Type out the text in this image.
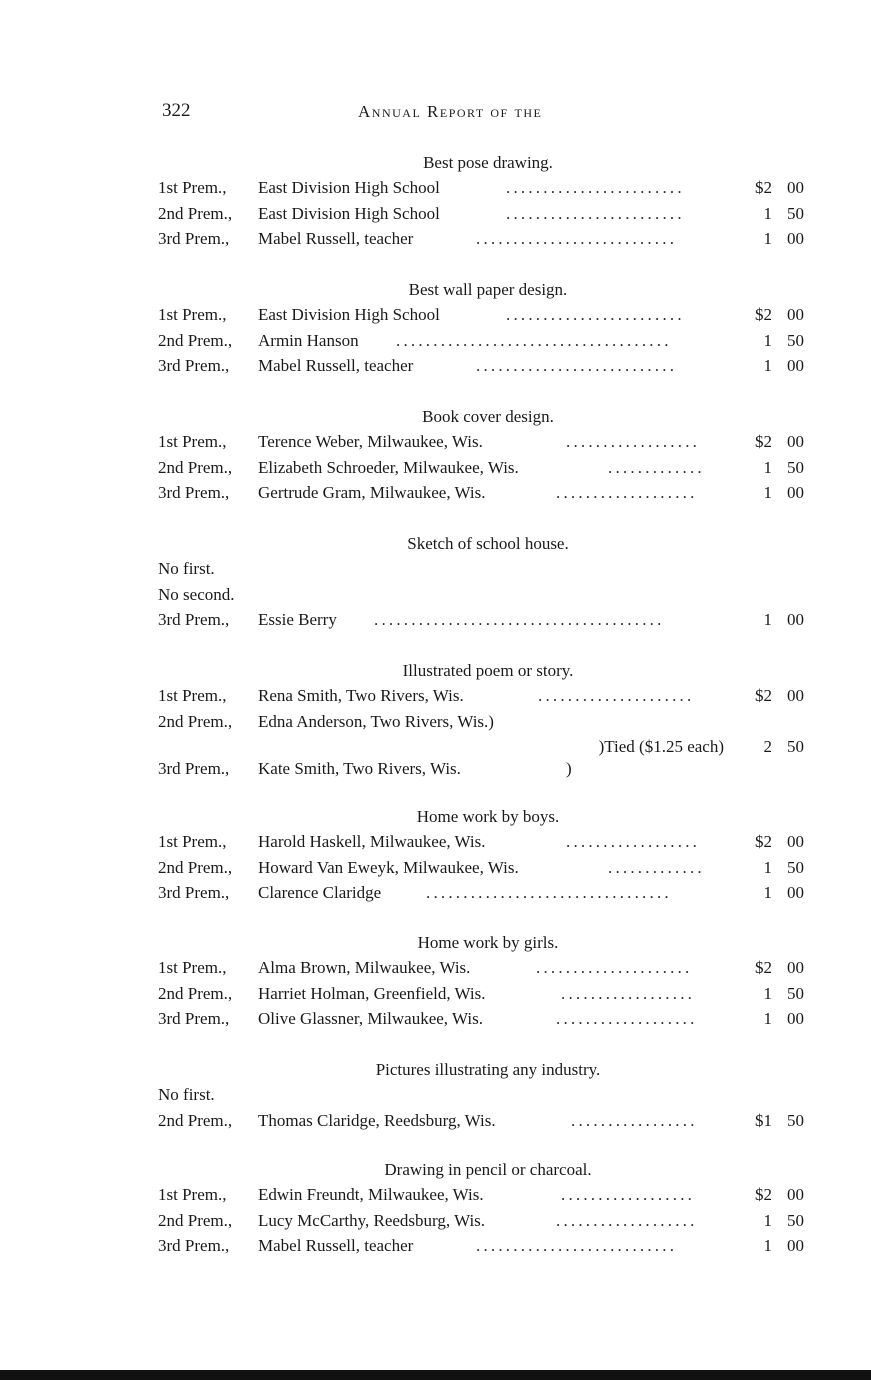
322	Annual Report of the
Best pose drawing.
1st Prem., East Division High School	........................	$2 00
2nd Prem., East Division High School	........................	1 50
3rd Prem., Mabel Russell, teacher	...........................	1 00
Best wall paper design.
1st Prem., East Division High School	........................	$2 00
2nd Prem., Armin Hanson .....................................	1 50
3rd Prem., Mabel Russell, teacher	...........................	1 00
Book cover design.
1st Prem., Terence Weber, Milwaukee, Wis.	..................	$2 00
2nd Prem., Elizabeth Schroeder, Milwaukee, Wis.	.............	1 50
3rd Prem., Gertrude Gram, Milwaukee, Wis.	...................	1 00
Sketch of school house.
No first.
No second.
3rd Prem., Essie Berry .......................................	1 00
Illustrated poem or story.
1st Prem., Rena Smith, Two Rivers, Wis.	.....................	$2 00
2nd Prem., Edna Anderson, Two Rivers, Wis.)
)Tied ($1.25 each) 2 50
3rd Prem., Kate Smith, Two Rivers, Wis.	)
Home work by boys.
1st Prem., Harold Haskell, Milwaukee, Wis.	..................	$2 00
2nd Prem., Howard Van Eweyk, Milwaukee, Wis.	.............	1 50
3rd Prem., Clarence Claridge	.................................	1 00
Home work by girls.
1st Prem., Alma Brown, Milwaukee, Wis.	.....................	$2 00
2nd Prem., Harriet Holman, Greenfield, Wis.	..................	1 50
3rd Prem., Olive Glassner, Milwaukee, Wis.	...................	1 00
Pictures illustrating any industry.
No first.
2nd Prem., Thomas Claridge, Reedsburg, Wis.	.................	$1 50
Drawing in pencil or charcoal.
1st Prem., Edwin Freundt, Milwaukee, Wis.	..................	$2 00
2nd Prem., Lucy McCarthy, Reedsburg, Wis.	...................	1 50
3rd Prem., Mabel Russell, teacher	...........................	1 00
